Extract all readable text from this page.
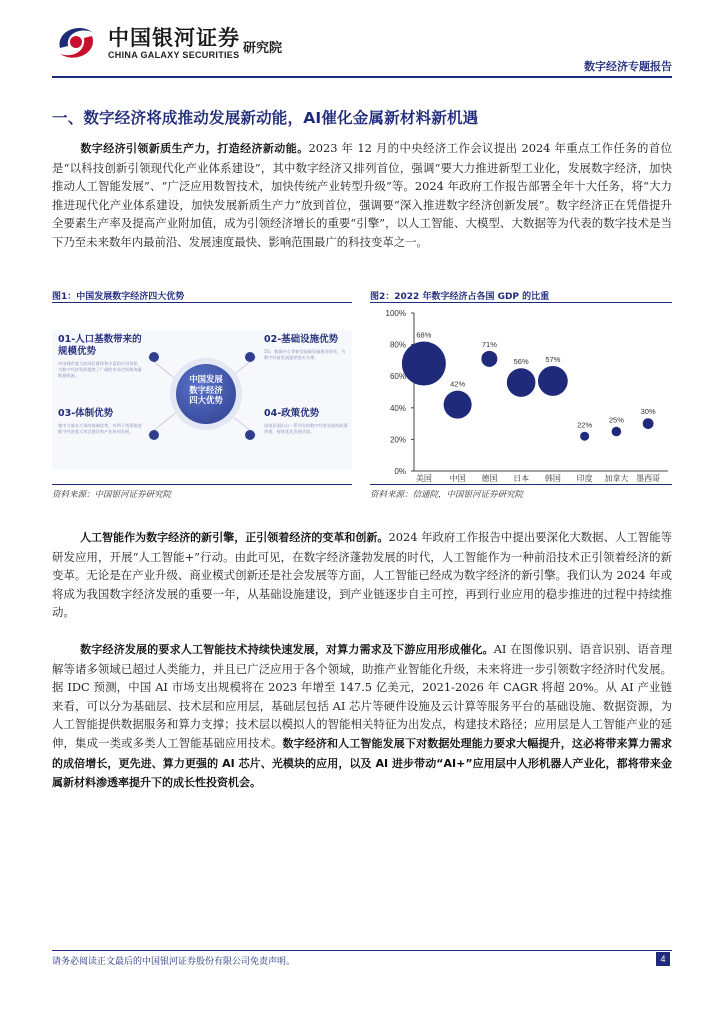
中国银河证券
CHINA GALAXY SECURITIES 研究院
数字经济专题报告
一、数字经济将成推动发展新动能，AI催化金属新材料新机遇
数字经济引领新质生产力，打造经济新动能。2023 年 12 月的中央经济工作会议提出 2024 年重点工作任务的首位是“以科技创新引领现代化产业体系建设”，其中数字经济又排列首位，强调“要大力推进新型工业化，发展数字经济，加快推动人工智能发展”、“广泛应用数智技术，加快传统产业转型升级”等。2024 年政府工作报告部署全年十大任务，将“大力推进现代化产业体系建设，加快发展新质生产力”放到首位，强调要“深入推进数字经济创新发展”。数字经济正在凭借提升全要素生产率及提高产业附加值，成为引领经济增长的重要“引擎”，以人工智能、大模型、大数据等为代表的数字技术是当下乃至未来数年内最前沿、发展速度最快、影响范围最广的科技变革之一。
图1：中国发展数字经济四大优势
01-人口基数带来的规模优势
中国拥有庞大的网民群体和丰富的应用场景，为数字经济发展提供了广阔的市场空间和海量数据资源。
02-基础设施优势
5G、数据中心等新型基础设施建设领先，为数字经济发展提供坚实支撑。
03-体制优势
集中力量办大事的体制优势，有利于统筹推进数字经济重大项目建设和产业协同发展。
04-政策优势
国家层面出台一系列支持数字经济发展的政策举措，持续优化发展环境。
中国发展
数字经济
四大优势
资料来源：中国银河证券研究院
图2：2022 年数字经济占各国 GDP 的比重
0%
20%
40%
60%
80%
100%
68%
美国
42%
中国
71%
德国
56%
日本
57%
韩国
22%
印度
25%
加拿大
30%
墨西哥
资料来源：信通院，中国银河证券研究院
人工智能作为数字经济的新引擎，正引领着经济的变革和创新。2024 年政府工作报告中提出要深化大数据、人工智能等研发应用，开展“人工智能+”行动。由此可见，在数字经济蓬勃发展的时代，人工智能作为一种前沿技术正引领着经济的新变革。无论是在产业升级、商业模式创新还是社会发展等方面，人工智能已经成为数字经济的新引擎。我们认为 2024 年或将成为我国数字经济发展的重要一年，从基础设施建设，到产业链逐步自主可控，再到行业应用的稳步推进的过程中持续推动。
数字经济发展的要求人工智能技术持续快速发展，对算力需求及下游应用形成催化。AI 在图像识别、语音识别、语音理解等诸多领域已超过人类能力，并且已广泛应用于各个领域，助推产业智能化升级，未来将进一步引领数字经济时代发展。据 IDC 预测，中国 AI 市场支出规模将在 2023 年增至 147.5 亿美元，2021-2026 年 CAGR 将超 20%。从 AI 产业链来看，可以分为基础层、技术层和应用层，基础层包括 AI 芯片等硬件设施及云计算等服务平台的基础设施、数据资源，为人工智能提供数据服务和算力支撑；技术层以模拟人的智能相关特征为出发点，构建技术路径；应用层是人工智能产业的延伸，集成一类或多类人工智能基础应用技术。数字经济和人工智能发展下对数据处理能力要求大幅提升，这必将带来算力需求的成倍增长，更先进、算力更强的 AI 芯片、光模块的应用，以及 AI 进步带动“AI+”应用层中人形机器人产业化，都将带来金属新材料渗透率提升下的成长性投资机会。
请务必阅读正文最后的中国银河证券股份有限公司免责声明。	4
